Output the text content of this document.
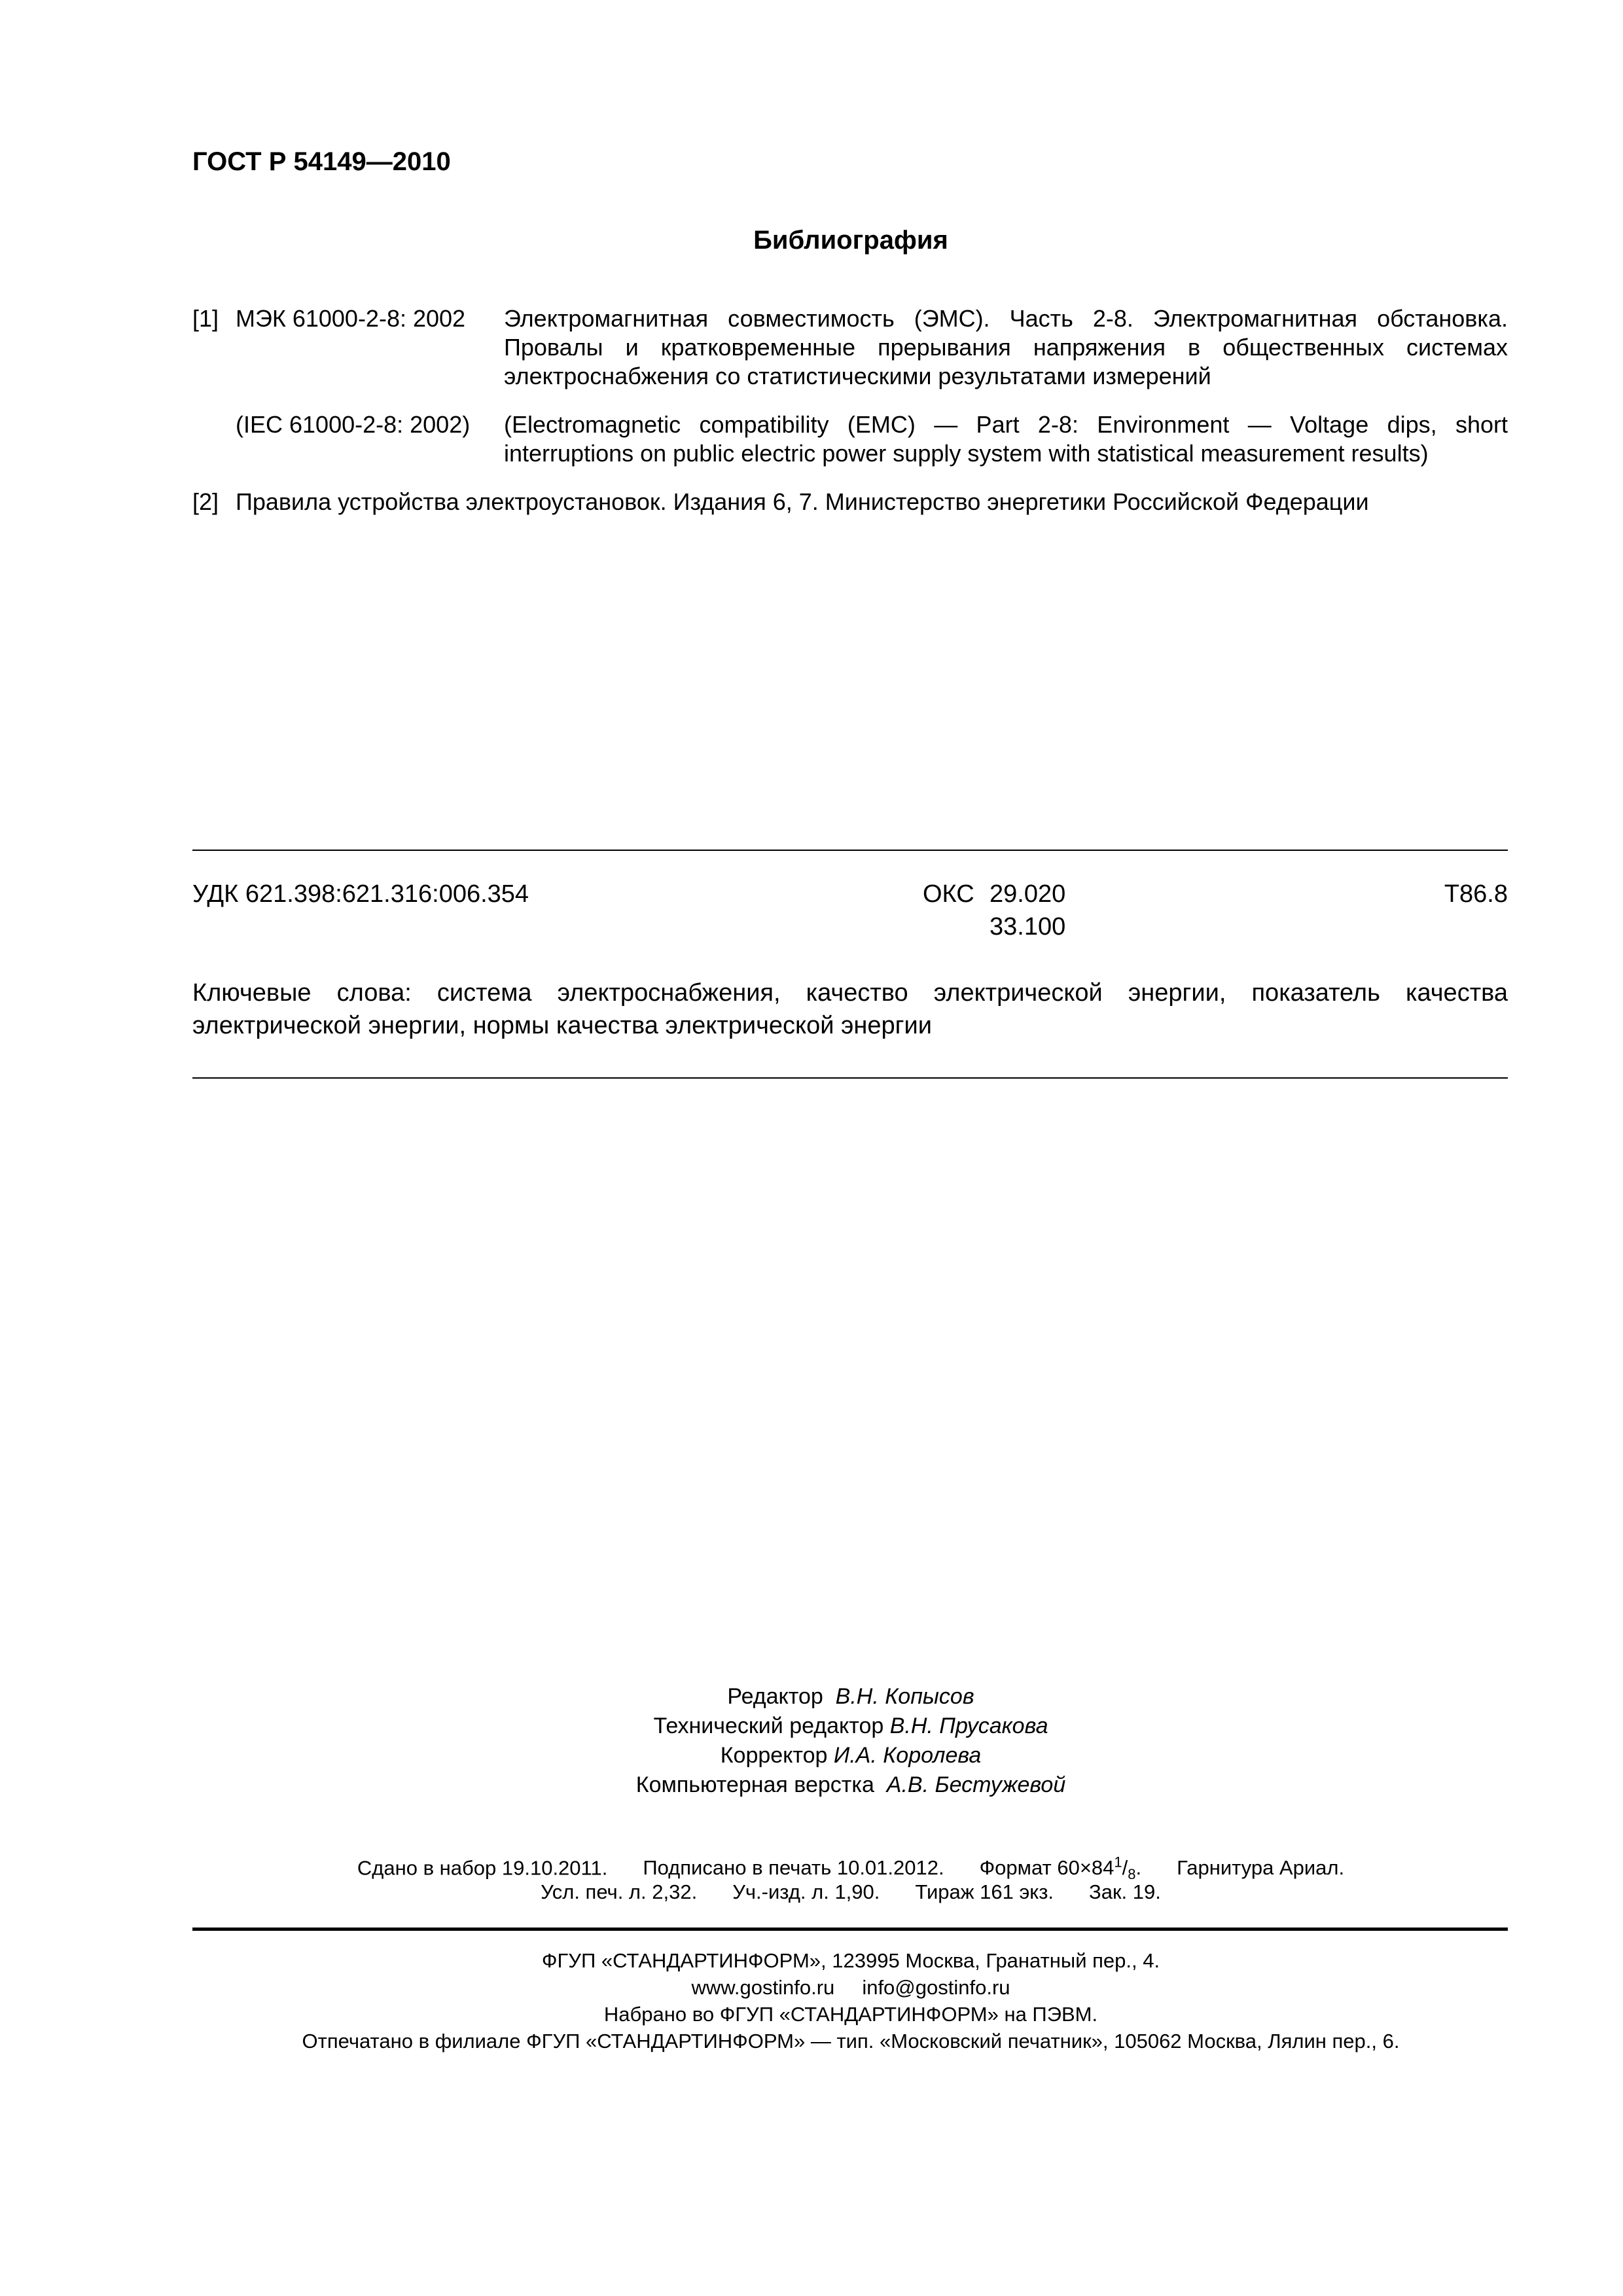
ГОСТ Р 54149—2010
Библиография
[1] МЭК 61000-2-8: 2002 Электромагнитная совместимость (ЭМС). Часть 2-8. Электромагнитная обстановка. Провалы и кратковременные прерывания напряжения в общественных системах электроснабжения со статистическими результатами измерений
(IEC 61000-2-8: 2002) (Electromagnetic compatibility (EMC) — Part 2-8: Environment — Voltage dips, short interruptions on public electric power supply system with statistical measurement results)
[2] Правила устройства электроустановок. Издания 6, 7. Министерство энергетики Российской Федерации
УДК 621.398:621.316:006.354	ОКС 29.020
33.100
Т86.8
Ключевые слова: система электроснабжения, качество электрической энергии, показатель качества электрической энергии, нормы качества электрической энергии
Редактор В.Н. Копысов
Технический редактор В.Н. Прусакова
Корректор И.А. Королева
Компьютерная верстка А.В. Бестужевой
Сдано в набор 19.10.2011. Подписано в печать 10.01.2012. Формат $60\times 84^1/_8$. Гарнитура Ариал.
Усл. печ. л. 2,32. Уч.-изд. л. 1,90. Тираж 161 экз. Зак. 19.
ФГУП «СТАНДАРТИНФОРМ», 123995 Москва, Гранатный пер., 4.
www.gostinfo.ru info@gostinfo.ru
Набрано во ФГУП «СТАНДАРТИНФОРМ» на ПЭВМ.
Отпечатано в филиале ФГУП «СТАНДАРТИНФОРМ» — тип. «Московский печатник», 105062 Москва, Лялин пер., 6.
